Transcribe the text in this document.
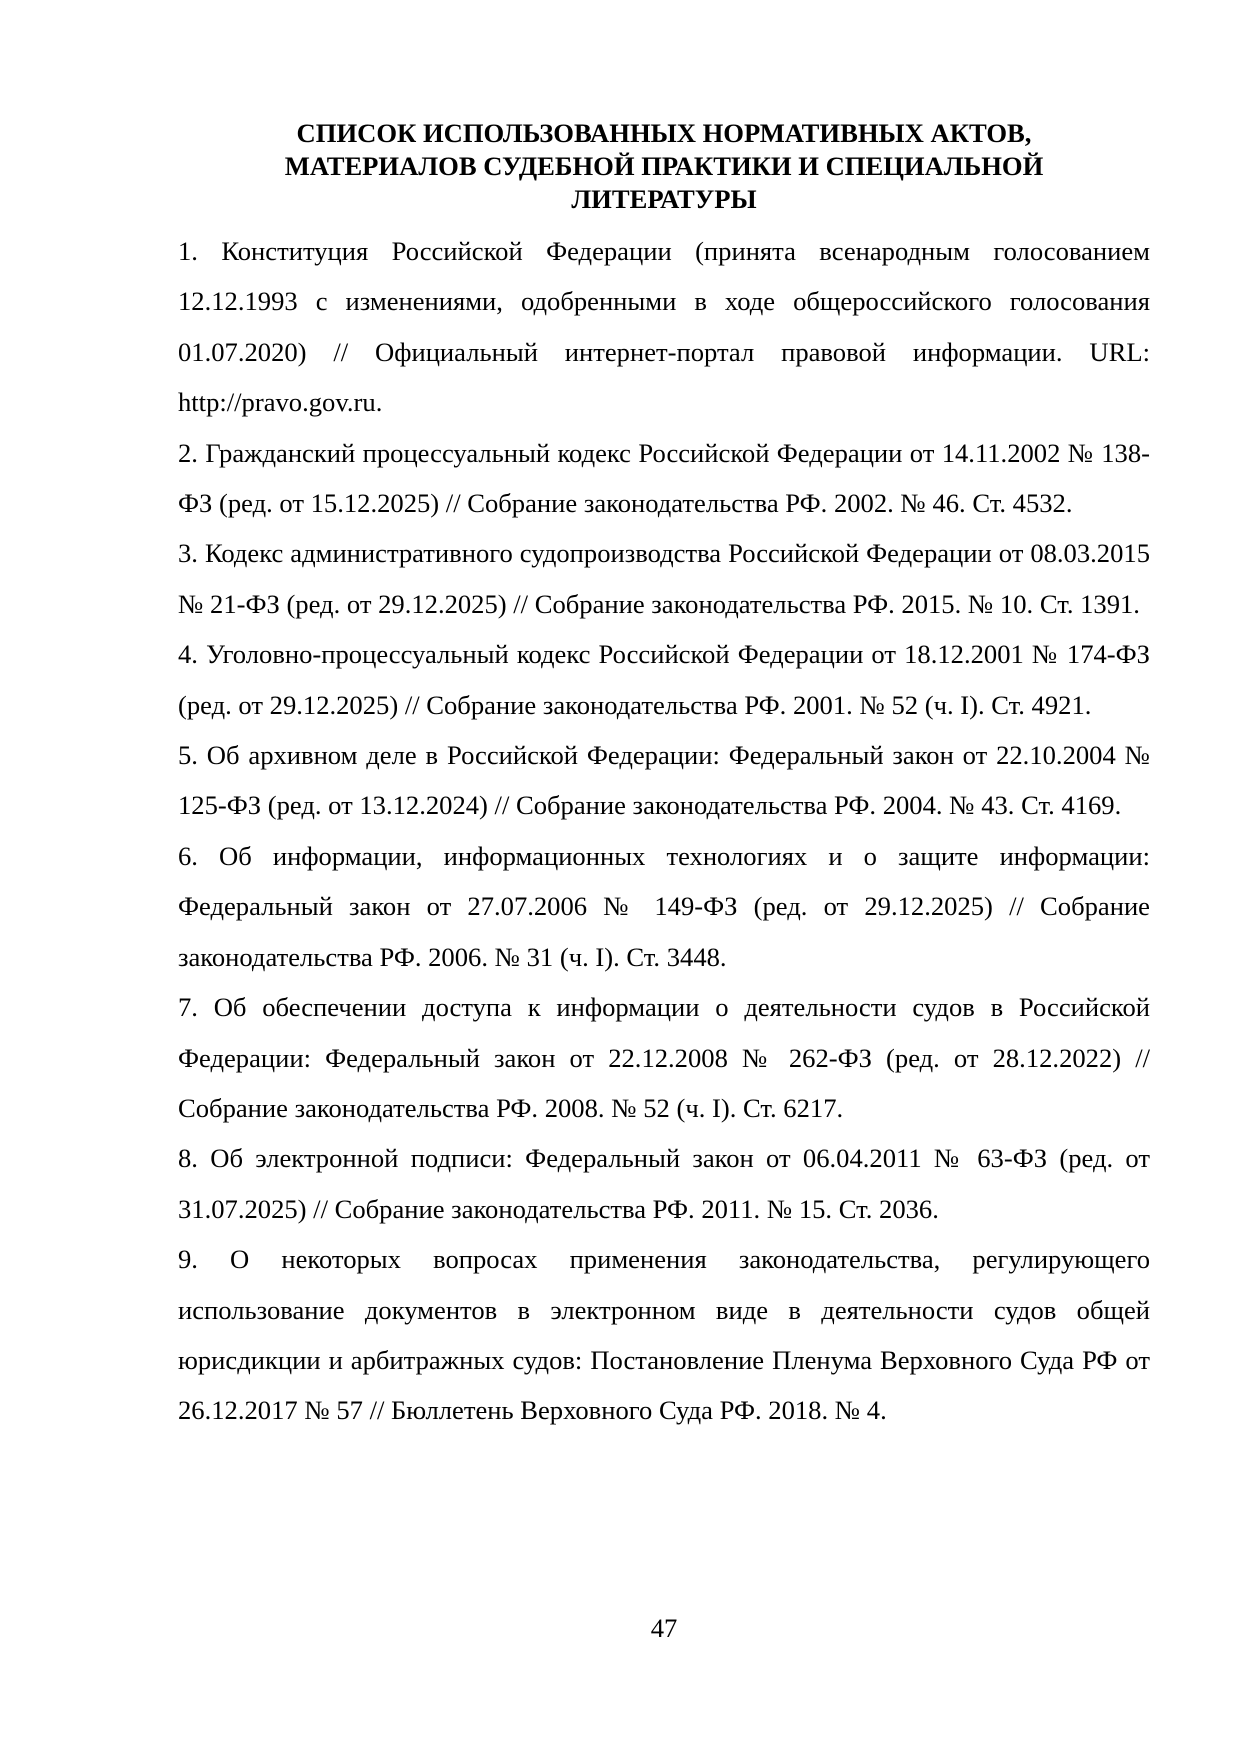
СПИСОК ИСПОЛЬЗОВАННЫХ НОРМАТИВНЫХ АКТОВ,
МАТЕРИАЛОВ СУДЕБНОЙ ПРАКТИКИ И СПЕЦИАЛЬНОЙ
ЛИТЕРАТУРЫ
1. Конституция Российской Федерации (принята всенародным голосованием 12.12.1993 с изменениями, одобренными в ходе общероссийского голосования 01.07.2020) // Официальный интернет-портал правовой информации. URL: http://pravo.gov.ru.
2. Гражданский процессуальный кодекс Российской Федерации от 14.11.2002 № 138-ФЗ (ред. от 15.12.2025) // Собрание законодательства РФ. 2002. № 46. Ст. 4532.
3. Кодекс административного судопроизводства Российской Федерации от 08.03.2015 № 21-ФЗ (ред. от 29.12.2025) // Собрание законодательства РФ. 2015. № 10. Ст. 1391.
4. Уголовно-процессуальный кодекс Российской Федерации от 18.12.2001 № 174-ФЗ (ред. от 29.12.2025) // Собрание законодательства РФ. 2001. № 52 (ч. I). Ст. 4921.
5. Об архивном деле в Российской Федерации: Федеральный закон от 22.10.2004 № 125-ФЗ (ред. от 13.12.2024) // Собрание законодательства РФ. 2004. № 43. Ст. 4169.
6. Об информации, информационных технологиях и о защите информации: Федеральный закон от 27.07.2006 № 149-ФЗ (ред. от 29.12.2025) // Собрание законодательства РФ. 2006. № 31 (ч. I). Ст. 3448.
7. Об обеспечении доступа к информации о деятельности судов в Российской Федерации: Федеральный закон от 22.12.2008 № 262-ФЗ (ред. от 28.12.2022) // Собрание законодательства РФ. 2008. № 52 (ч. I). Ст. 6217.
8. Об электронной подписи: Федеральный закон от 06.04.2011 № 63-ФЗ (ред. от 31.07.2025) // Собрание законодательства РФ. 2011. № 15. Ст. 2036.
9. О некоторых вопросах применения законодательства, регулирующего использование документов в электронном виде в деятельности судов общей юрисдикции и арбитражных судов: Постановление Пленума Верховного Суда РФ от 26.12.2017 № 57 // Бюллетень Верховного Суда РФ. 2018. № 4.
47
